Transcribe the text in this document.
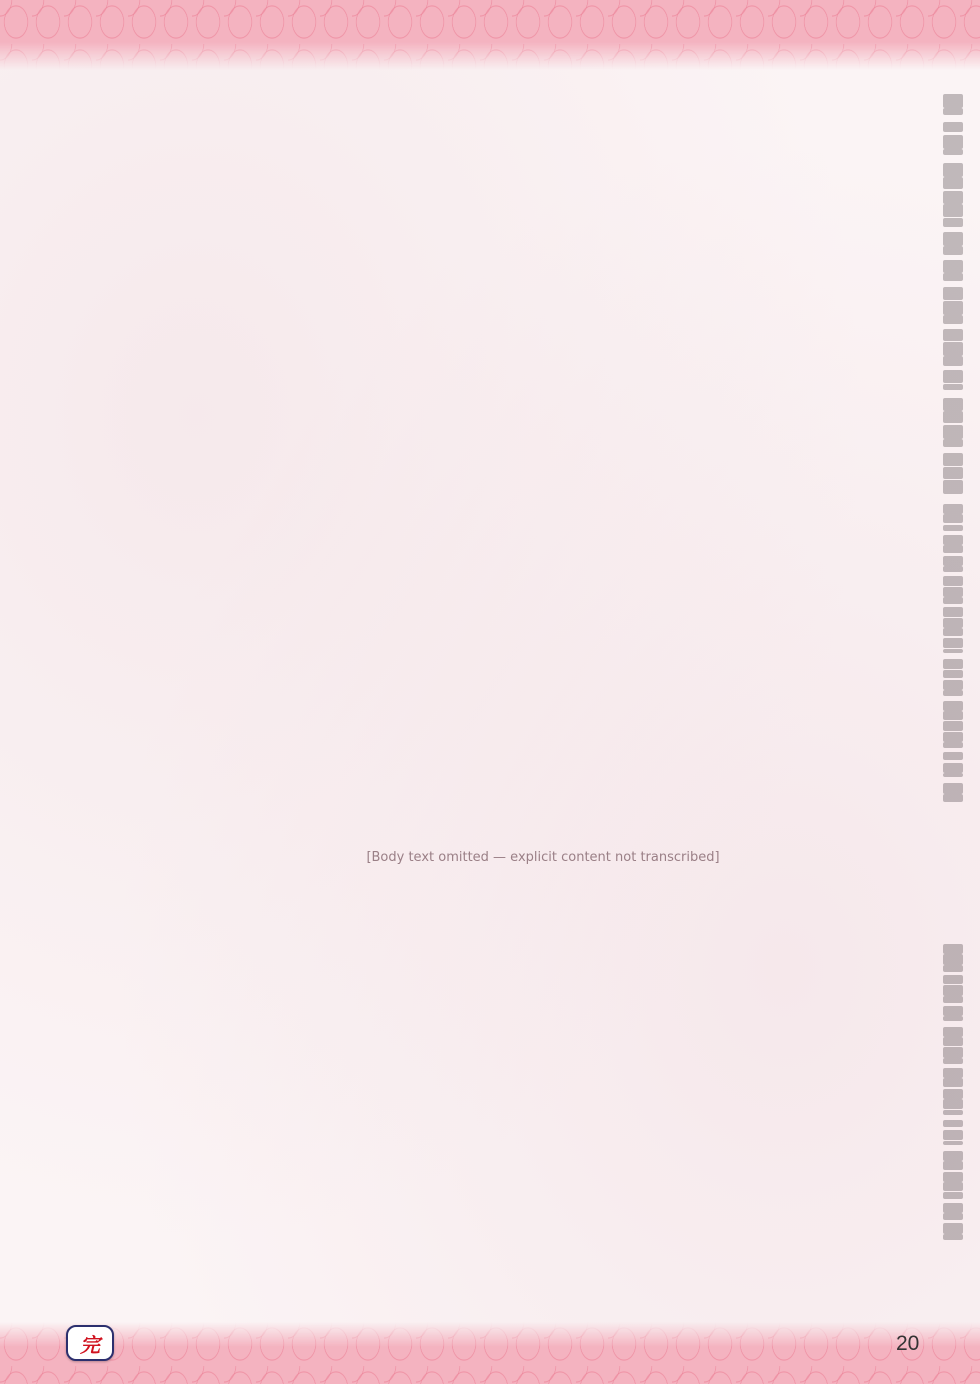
[Body text omitted — explicit content not transcribed]
完	20
